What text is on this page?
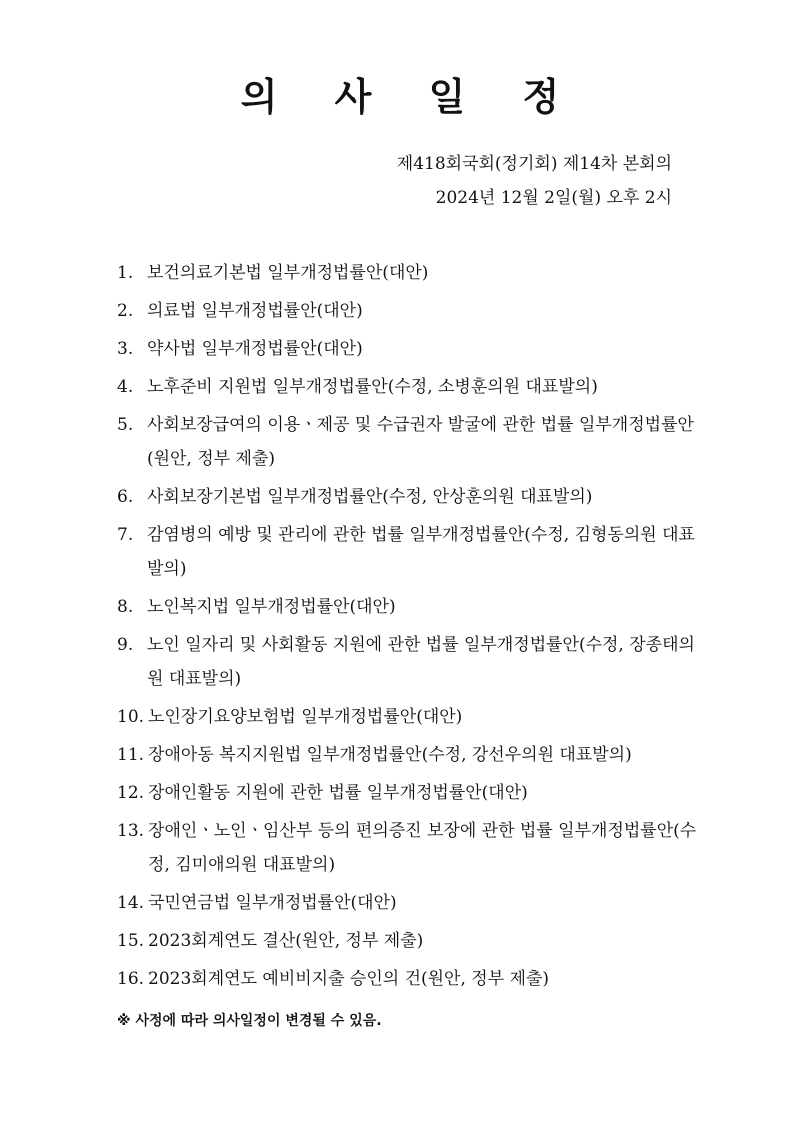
의 사 일 정
제418회국회(정기회) 제14차 본회의
2024년 12월 2일(월) 오후 2시
1. 보건의료기본법 일부개정법률안(대안)
2. 의료법 일부개정법률안(대안)
3. 약사법 일부개정법률안(대안)
4. 노후준비 지원법 일부개정법률안(수정, 소병훈의원 대표발의)
5. 사회보장급여의 이용ㆍ제공 및 수급권자 발굴에 관한 법률 일부개정법률안(원안, 정부 제출)
6. 사회보장기본법 일부개정법률안(수정, 안상훈의원 대표발의)
7. 감염병의 예방 및 관리에 관한 법률 일부개정법률안(수정, 김형동의원 대표발의)
8. 노인복지법 일부개정법률안(대안)
9. 노인 일자리 및 사회활동 지원에 관한 법률 일부개정법률안(수정, 장종태의원 대표발의)
10. 노인장기요양보험법 일부개정법률안(대안)
11. 장애아동 복지지원법 일부개정법률안(수정, 강선우의원 대표발의)
12. 장애인활동 지원에 관한 법률 일부개정법률안(대안)
13. 장애인ㆍ노인ㆍ임산부 등의 편의증진 보장에 관한 법률 일부개정법률안(수정, 김미애의원 대표발의)
14. 국민연금법 일부개정법률안(대안)
15. 2023회계연도 결산(원안, 정부 제출)
16. 2023회계연도 예비비지출 승인의 건(원안, 정부 제출)
※ 사정에 따라 의사일정이 변경될 수 있음.
